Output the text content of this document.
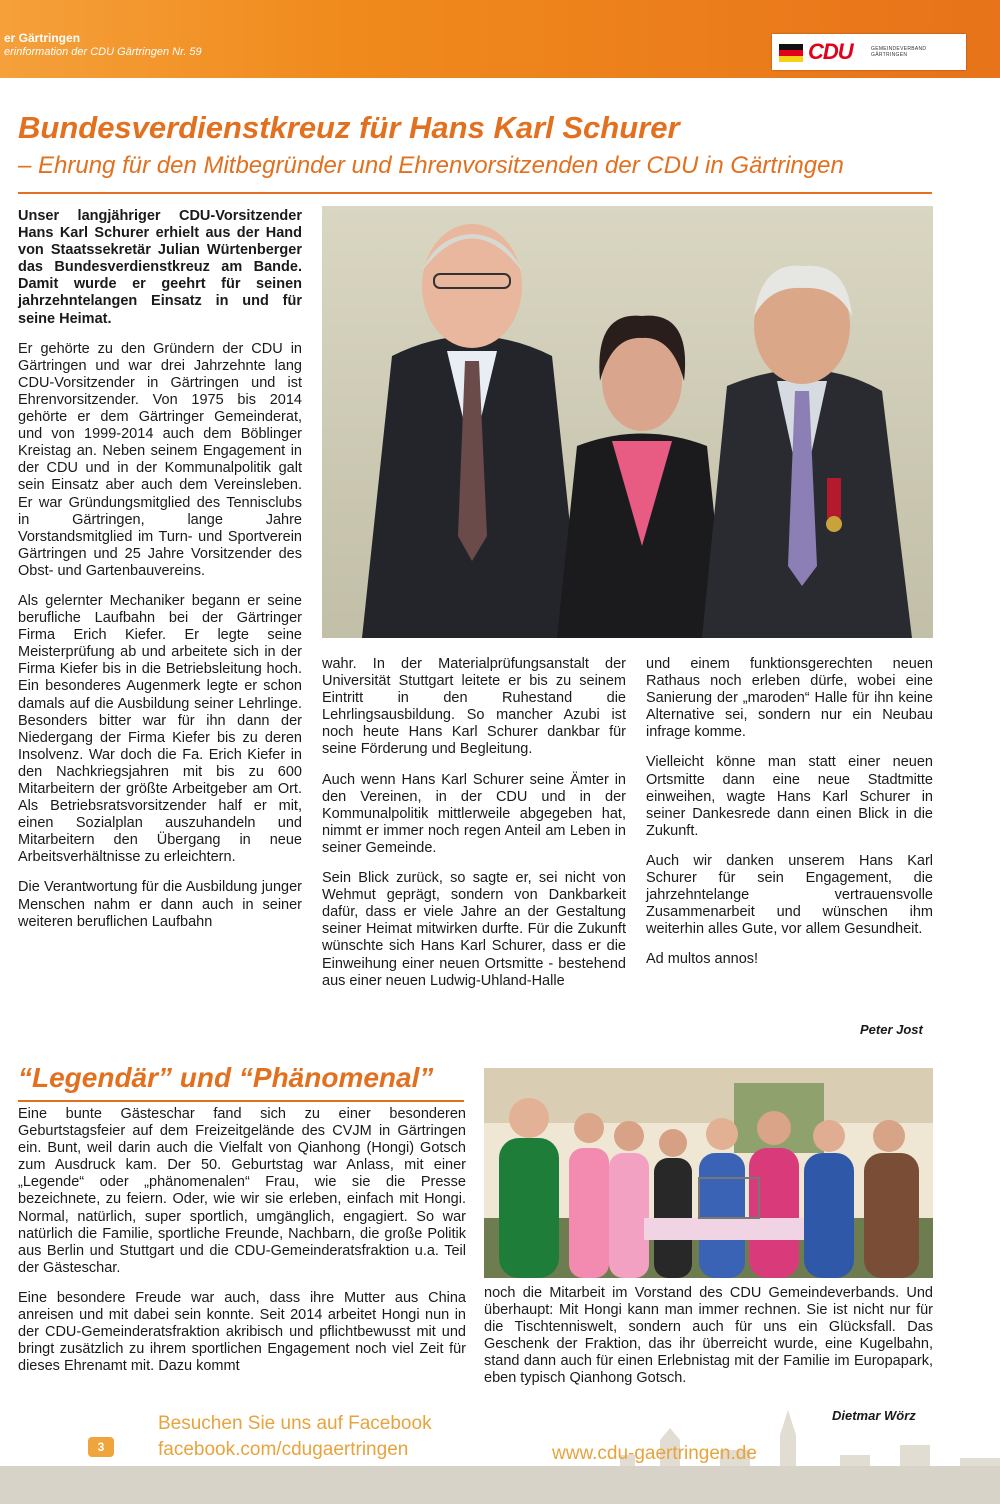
er Gärtringen
erinformation der CDU Gärtringen Nr. 59	CDU	GEMEINDEVERBAND
GÄRTRINGEN
Bundesverdienstkreuz für Hans Karl Schurer
– Ehrung für den Mitbegründer und Ehrenvorsitzenden der CDU in Gärtringen

Unser langjähriger CDU-Vorsitzender Hans Karl Schurer erhielt aus der Hand von Staatssekretär Julian Würtenberger das Bundesverdienstkreuz am Bande. Damit wurde er geehrt für seinen jahrzehntelangen Einsatz in und für seine Heimat.

Er gehörte zu den Gründern der CDU in Gärtringen und war drei Jahrzehnte lang CDU-Vorsitzender in Gärtringen und ist Ehrenvorsitzender. Von 1975 bis 2014 gehörte er dem Gärtringer Gemeinderat, und von 1999-2014 auch dem Böblinger Kreistag an. Neben seinem Engagement in der CDU und in der Kommunalpolitik galt sein Einsatz aber auch dem Vereinsleben. Er war Gründungsmitglied des Tennisclubs in Gärtringen, lange Jahre Vorstandsmitglied im Turn- und Sportverein Gärtringen und 25 Jahre Vorsitzender des Obst- und Gartenbauvereins.

Als gelernter Mechaniker begann er seine berufliche Laufbahn bei der Gärtringer Firma Erich Kiefer. Er legte seine Meisterprüfung ab und arbeitete sich in der Firma Kiefer bis in die Betriebsleitung hoch. Ein besonderes Augenmerk legte er schon damals auf die Ausbildung seiner Lehrlinge. Besonders bitter war für ihn dann der Niedergang der Firma Kiefer bis zu deren Insolvenz. War doch die Fa. Erich Kiefer in den Nachkriegsjahren mit bis zu 600 Mitarbeitern der größte Arbeitgeber am Ort. Als Betriebsratsvorsitzender half er mit, einen Sozialplan auszuhandeln und Mitarbeitern den Übergang in neue Arbeitsverhältnisse zu erleichtern.

Die Verantwortung für die Ausbildung junger Menschen nahm er dann auch in seiner weiteren beruflichen Laufbahn

wahr. In der Materialprüfungsanstalt der Universität Stuttgart leitete er bis zu seinem Eintritt in den Ruhestand die Lehrlingsausbildung. So mancher Azubi ist noch heute Hans Karl Schurer dankbar für seine Förderung und Begleitung.

Auch wenn Hans Karl Schurer seine Ämter in den Vereinen, in der CDU und in der Kommunalpolitik mittlerweile abgegeben hat, nimmt er immer noch regen Anteil am Leben in seiner Gemeinde.

Sein Blick zurück, so sagte er, sei nicht von Wehmut geprägt, sondern von Dankbarkeit dafür, dass er viele Jahre an der Gestaltung seiner Heimat mitwirken durfte. Für die Zukunft wünschte sich Hans Karl Schurer, dass er die Einweihung einer neuen Ortsmitte - bestehend aus einer neuen Ludwig-Uhland-Halle

und einem funktionsgerechten neuen Rathaus noch erleben dürfe, wobei eine Sanierung der „maroden“ Halle für ihn keine Alternative sei, sondern nur ein Neubau infrage komme.

Vielleicht könne man statt einer neuen Ortsmitte dann eine neue Stadtmitte einweihen, wagte Hans Karl Schurer in seiner Dankesrede dann einen Blick in die Zukunft.

Auch wir danken unserem Hans Karl Schurer für sein Engagement, die jahrzehntelange vertrauensvolle Zusammenarbeit und wünschen ihm weiterhin alles Gute, vor allem Gesundheit.

Ad multos annos!

Peter Jost
“Legendär” und “Phänomenal”

Eine bunte Gästeschar fand sich zu einer besonderen Geburtstagsfeier auf dem Freizeitgelände des CVJM in Gärtringen ein. Bunt, weil darin auch die Vielfalt von Qianhong (Hongi) Gotsch zum Ausdruck kam. Der 50. Geburtstag war Anlass, mit einer „Legende“ oder „phänomenalen“ Frau, wie sie die Presse bezeichnete, zu feiern. Oder, wie wir sie erleben, einfach mit Hongi. Normal, natürlich, super sportlich, umgänglich, engagiert. So war natürlich die Familie, sportliche Freunde, Nachbarn, die große Politik aus Berlin und Stuttgart und die CDU-Gemeinderatsfraktion u.a. Teil der Gästeschar.

Eine besondere Freude war auch, dass ihre Mutter aus China anreisen und mit dabei sein konnte. Seit 2014 arbeitet Hongi nun in der CDU-Gemeinderatsfraktion akribisch und pflichtbewusst mit und bringt zusätzlich zu ihrem sportlichen Engagement noch viel Zeit für dieses Ehrenamt mit. Dazu kommt

noch die Mitarbeit im Vorstand des CDU Gemeindeverbands. Und überhaupt: Mit Hongi kann man immer rechnen. Sie ist nicht nur für die Tischtenniswelt, sondern auch für uns ein Glücksfall. Das Geschenk der Fraktion, das ihr überreicht wurde, eine Kugelbahn, stand dann auch für einen Erlebnistag mit der Familie im Europapark, eben typisch Qianhong Gotsch.

Dietmar Wörz
3
Besuchen Sie uns auf Facebook
facebook.com/cdugaertringen	www.cdu-gaertringen.de
